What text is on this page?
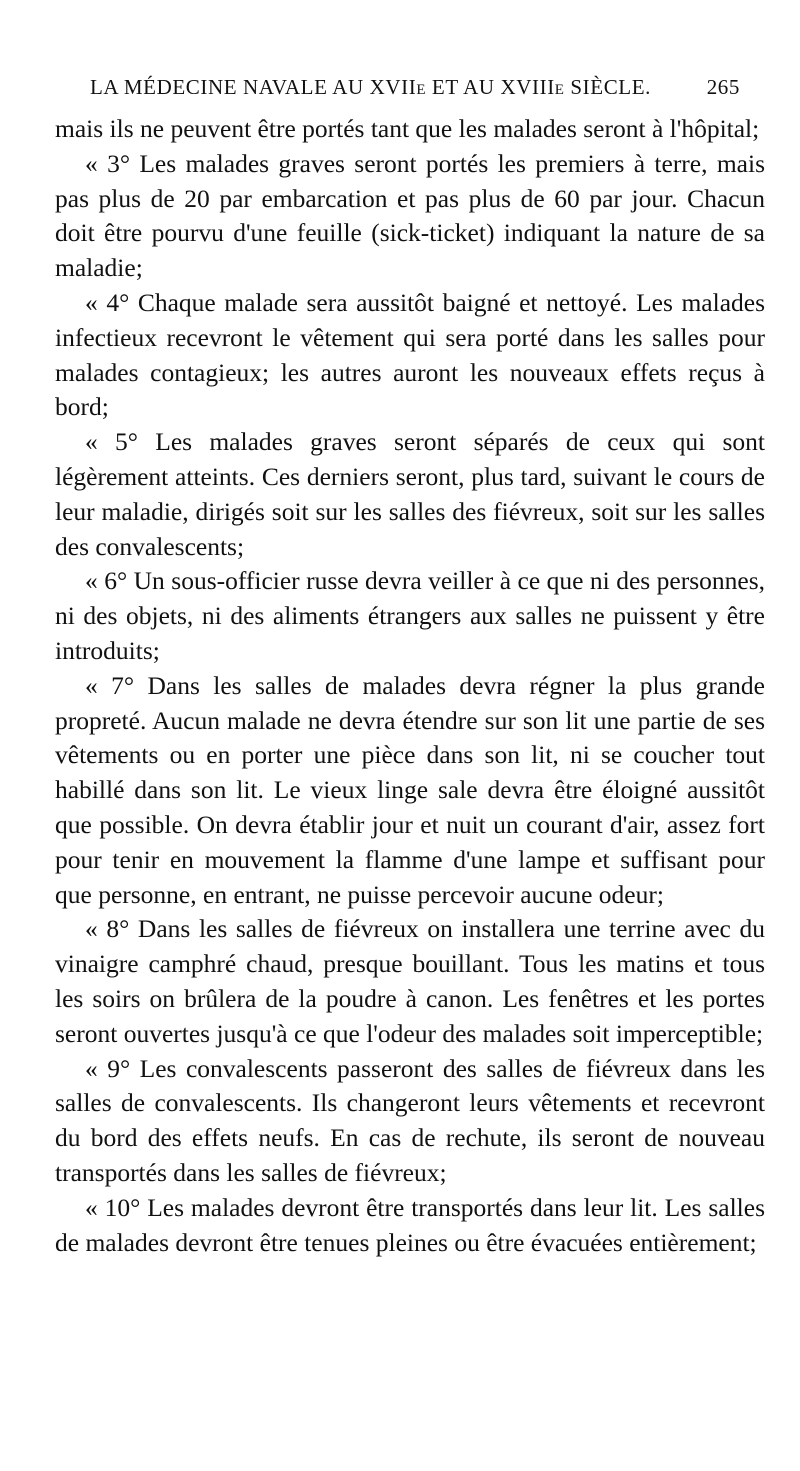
LA MÉDECINE NAVALE AU XVIIe ET AU XVIIIe SIÈCLE.	265

mais ils ne peuvent être portés tant que les malades seront à l'hôpital;

« 3° Les malades graves seront portés les premiers à terre, mais pas plus de 20 par embarcation et pas plus de 60 par jour. Chacun doit être pourvu d'une feuille (sick-ticket) indiquant la nature de sa maladie;

« 4° Chaque malade sera aussitôt baigné et nettoyé. Les malades infectieux recevront le vêtement qui sera porté dans les salles pour malades contagieux; les autres auront les nouveaux effets reçus à bord;

« 5° Les malades graves seront séparés de ceux qui sont légèrement atteints. Ces derniers seront, plus tard, suivant le cours de leur maladie, dirigés soit sur les salles des fiévreux, soit sur les salles des convalescents;

« 6° Un sous-officier russe devra veiller à ce que ni des personnes, ni des objets, ni des aliments étrangers aux salles ne puissent y être introduits;

« 7° Dans les salles de malades devra régner la plus grande propreté. Aucun malade ne devra étendre sur son lit une partie de ses vêtements ou en porter une pièce dans son lit, ni se coucher tout habillé dans son lit. Le vieux linge sale devra être éloigné aussitôt que possible. On devra établir jour et nuit un courant d'air, assez fort pour tenir en mouvement la flamme d'une lampe et suffisant pour que personne, en entrant, ne puisse percevoir aucune odeur;

« 8° Dans les salles de fiévreux on installera une terrine avec du vinaigre camphré chaud, presque bouillant. Tous les matins et tous les soirs on brûlera de la poudre à canon. Les fenêtres et les portes seront ouvertes jusqu'à ce que l'odeur des malades soit imperceptible;

« 9° Les convalescents passeront des salles de fiévreux dans les salles de convalescents. Ils changeront leurs vêtements et recevront du bord des effets neufs. En cas de rechute, ils seront de nouveau transportés dans les salles de fiévreux;

« 10° Les malades devront être transportés dans leur lit. Les salles de malades devront être tenues pleines ou être évacuées entièrement;
